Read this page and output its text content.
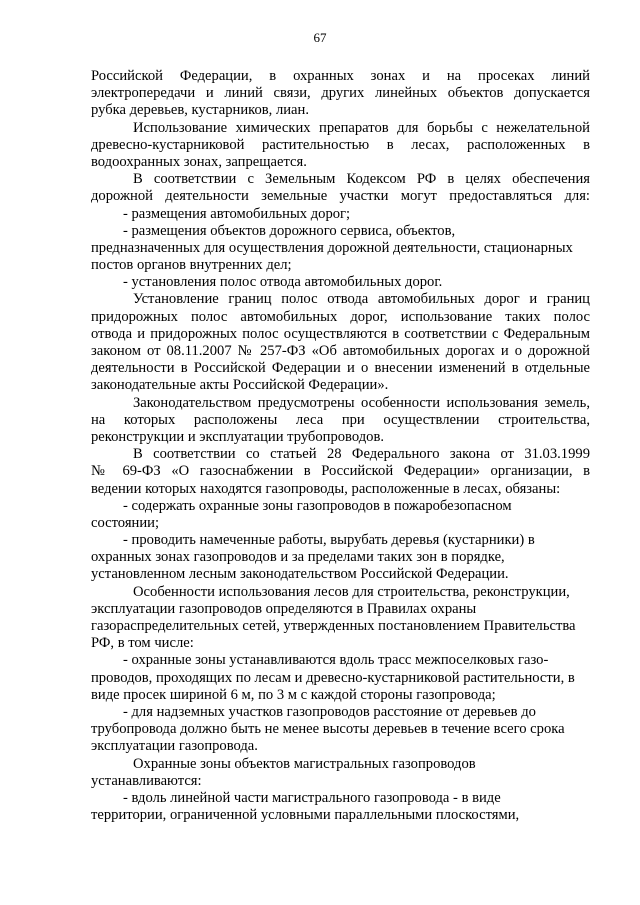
67
Российской Федерации, в охранных зонах и на просеках линий
электропередачи и линий связи, других линейных объектов допускается
рубка деревьев, кустарников, лиан.
Использование химических препаратов для борьбы с нежелательной
древесно-кустарниковой растительностью в лесах, расположенных в
водоохранных зонах, запрещается.
В соответствии с Земельным Кодексом РФ в целях обеспечения
дорожной деятельности земельные участки могут предоставляться для:
- размещения автомобильных дорог;
- размещения объектов дорожного сервиса, объектов,
предназначенных для осуществления дорожной деятельности, стационарных
постов органов внутренних дел;
- установления полос отвода автомобильных дорог.
Установление границ полос отвода автомобильных дорог и границ
придорожных полос автомобильных дорог, использование таких полос
отвода и придорожных полос осуществляются в соответствии с Федеральным
законом от 08.11.2007 № 257-ФЗ «Об автомобильных дорогах и о дорожной
деятельности в Российской Федерации и о внесении изменений в отдельные
законодательные акты Российской Федерации».
Законодательством предусмотрены особенности использования земель,
на которых расположены леса при осуществлении строительства,
реконструкции и эксплуатации трубопроводов.
В соответствии со статьей 28 Федерального закона от 31.03.1999
№ 69-ФЗ «О газоснабжении в Российской Федерации» организации, в
ведении которых находятся газопроводы, расположенные в лесах, обязаны:
- содержать охранные зоны газопроводов в пожаробезопасном
состоянии;
- проводить намеченные работы, вырубать деревья (кустарники) в
охранных зонах газопроводов и за пределами таких зон в порядке,
установленном лесным законодательством Российской Федерации.
Особенности использования лесов для строительства, реконструкции,
эксплуатации газопроводов определяются в Правилах охраны
газораспределительных сетей, утвержденных постановлением Правительства
РФ, в том числе:
- охранные зоны устанавливаются вдоль трасс межпоселковых газо-
проводов, проходящих по лесам и древесно-кустарниковой растительности, в
виде просек шириной 6 м, по 3 м с каждой стороны газопровода;
- для надземных участков газопроводов расстояние от деревьев до
трубопровода должно быть не менее высоты деревьев в течение всего срока
эксплуатации газопровода.
Охранные зоны объектов магистральных газопроводов
устанавливаются:
- вдоль линейной части магистрального газопровода - в виде
территории, ограниченной условными параллельными плоскостями,
